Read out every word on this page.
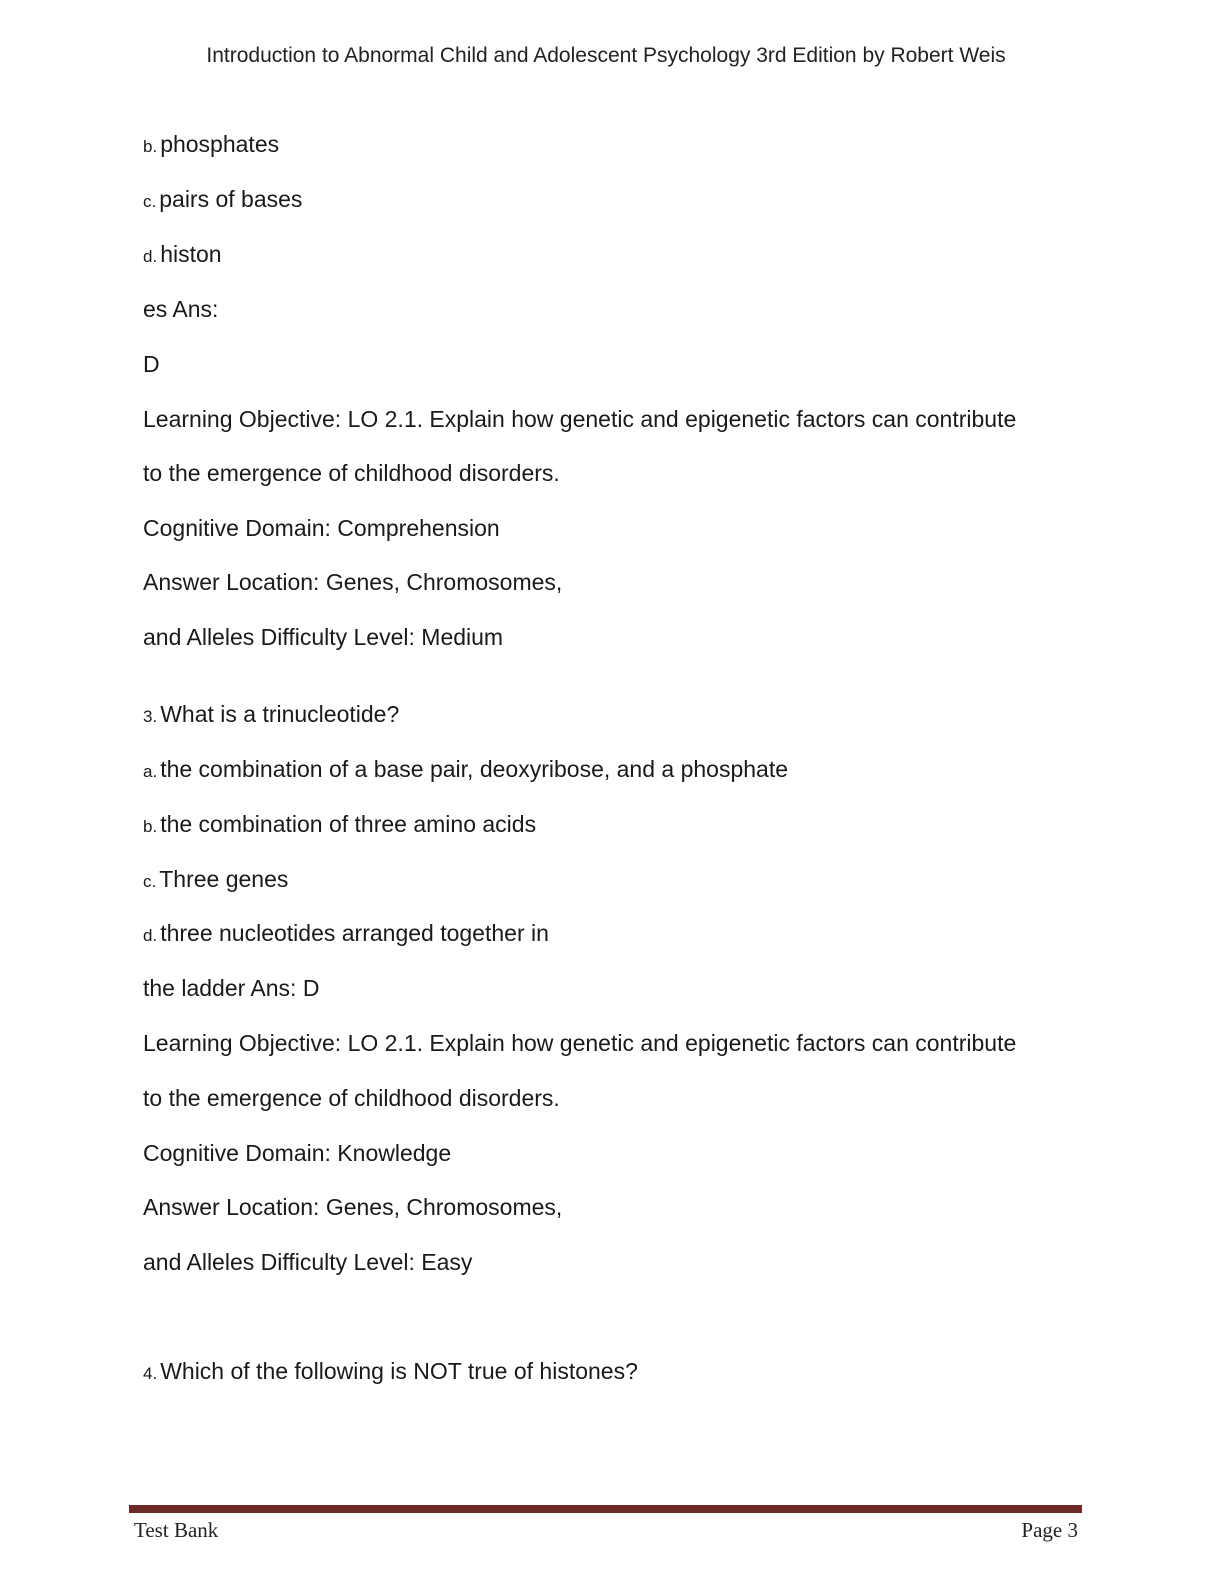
Introduction to Abnormal Child and Adolescent Psychology 3rd Edition by Robert Weis
b. phosphates
c. pairs of bases
d. histon
es Ans:
D
Learning Objective: LO 2.1. Explain how genetic and epigenetic factors can contribute
to the emergence of childhood disorders.
Cognitive Domain: Comprehension
Answer Location: Genes, Chromosomes,
and Alleles Difficulty Level: Medium
3. What is a trinucleotide?
a. the combination of a base pair, deoxyribose, and a phosphate
b. the combination of three amino acids
c. Three genes
d. three nucleotides arranged together in
the ladder Ans: D
Learning Objective: LO 2.1. Explain how genetic and epigenetic factors can contribute
to the emergence of childhood disorders.
Cognitive Domain: Knowledge
Answer Location: Genes, Chromosomes,
and Alleles Difficulty Level: Easy
4. Which of the following is NOT true of histones?
Test Bank	Page 3
